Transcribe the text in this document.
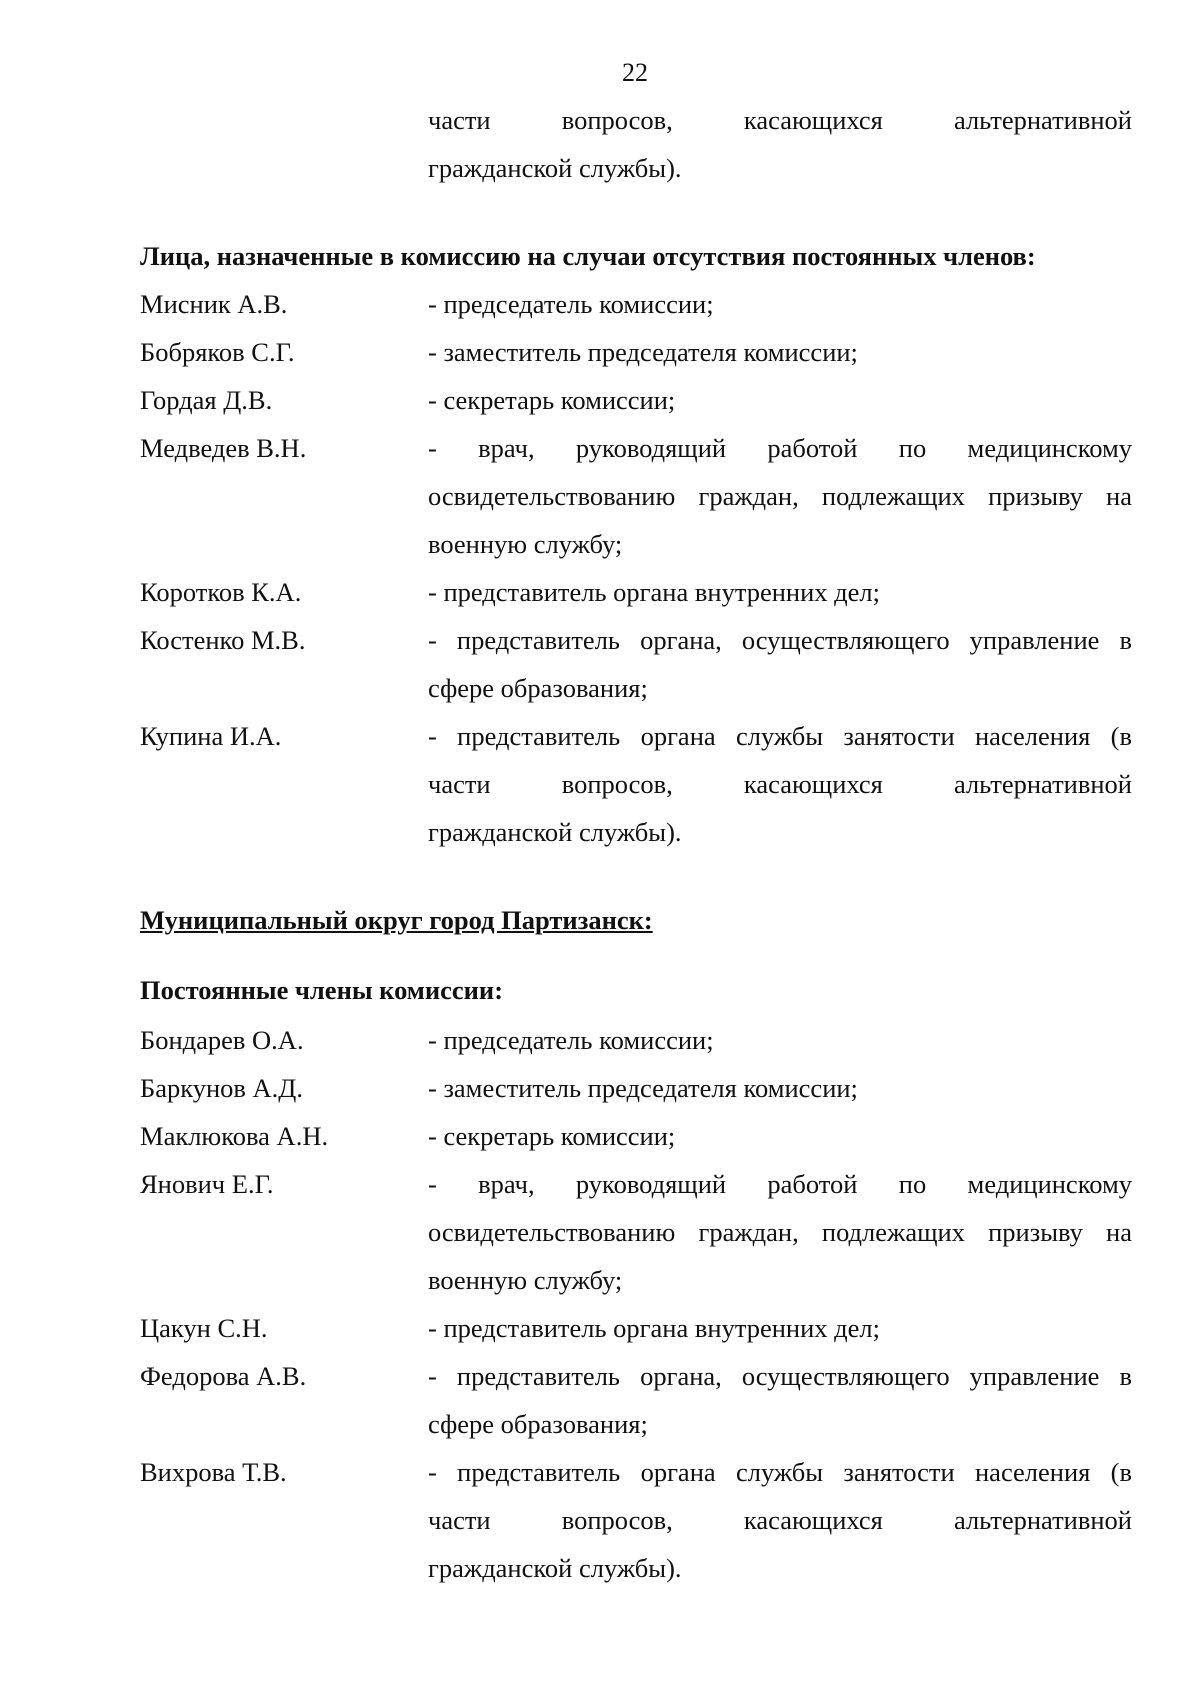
22
части вопросов, касающихся альтернативной
гражданской службы).
Лица, назначенные в комиссию на случаи отсутствия постоянных членов:
Мисник А.В.	- председатель комиссии;
Бобряков С.Г.	- заместитель председателя комиссии;
Гордая Д.В.	- секретарь комиссии;
Медведев В.Н.	- врач, руководящий работой по медицинскому
освидетельствованию граждан, подлежащих призыву на
военную службу;
Коротков К.А.	- представитель органа внутренних дел;
Костенко М.В.	- представитель органа, осуществляющего управление в
сфере образования;
Купина И.А.	- представитель органа службы занятости населения (в
части вопросов, касающихся альтернативной
гражданской службы).
Муниципальный округ город Партизанск:
Постоянные члены комиссии:
Бондарев О.А.	- председатель комиссии;
Баркунов А.Д.	- заместитель председателя комиссии;
Маклюкова А.Н.	- секретарь комиссии;
Янович Е.Г.	- врач, руководящий работой по медицинскому
освидетельствованию граждан, подлежащих призыву на
военную службу;
Цакун С.Н.	- представитель органа внутренних дел;
Федорова А.В.	- представитель органа, осуществляющего управление в
сфере образования;
Вихрова Т.В.	- представитель органа службы занятости населения (в
части вопросов, касающихся альтернативной
гражданской службы).
